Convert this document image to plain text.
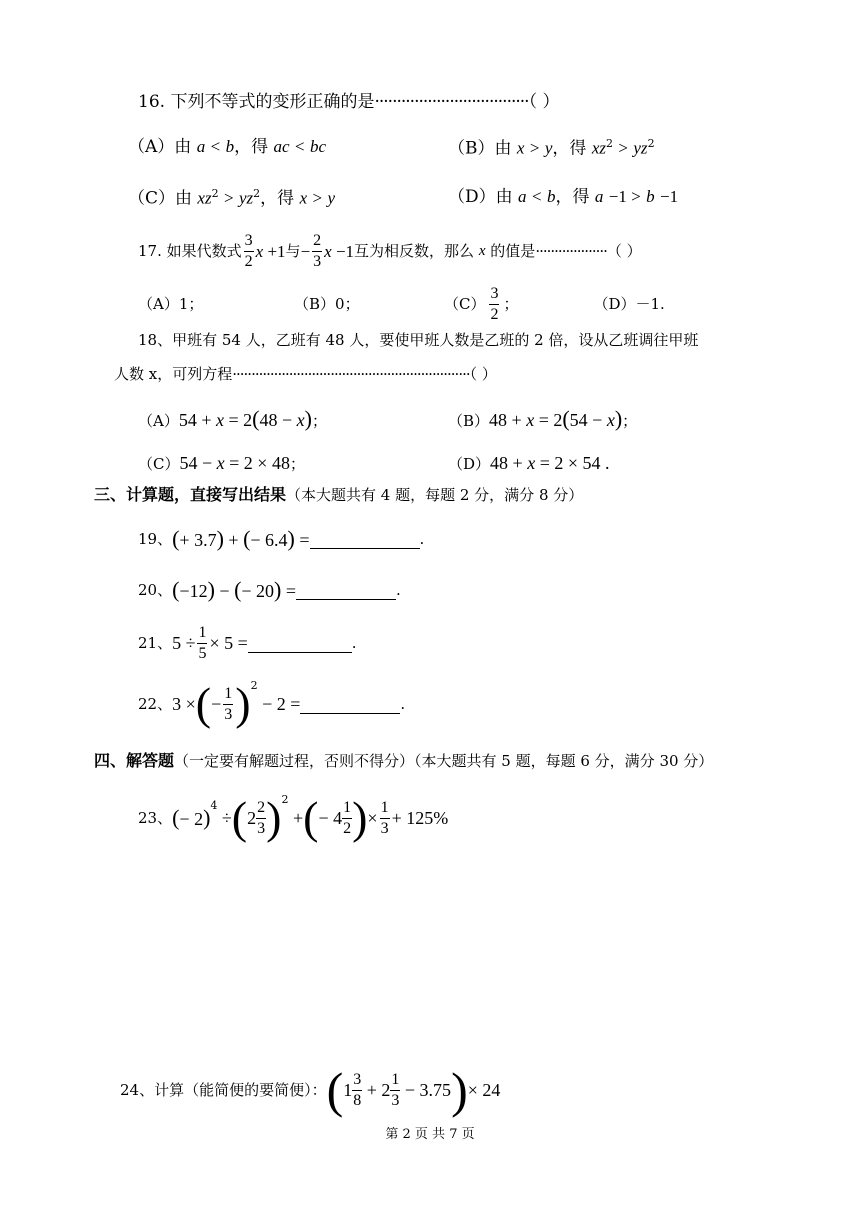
16. 下列不等式的变形正确的是···································（ ）
（A）由 a < b，得 ac < bc	（B）由 x > y，得 $xz^2 > yz^2$
（C）由 $xz^2 > yz^2$，得 x > y	（D）由 a < b，得 a −1 > b −1
17.
如果代数式 $\frac{3}{2}$ x +1 与 − $\frac{2}{3}$ x −1 互为相反数，那么
x
的值是 ··················· （ ）
（A）1；	（B）0；	$(C) \frac{3}{2}$ ；	（D）－1.
18、甲班有 54 人，乙班有 48 人，要使甲班人数是乙班的 2 倍，设从乙班调往甲班
人数 x，可列方程·······························································（ ）
（A）54 + x = 2(48 − x)；	（B）48 + x = 2(54 − x)；
（C）54 − x = 2 × 48；	（D）48 + x = 2 × 54 .
三、计算题，直接写出结果（本大题共有 4 题，每题 2 分，满分 8 分）
19、 (+ 3.7) + (− 6.4) =	.
20、 (−12) − (− 20) =	.
21、 $5 \div \frac{1}{5} \times 5$ =	.
22、 3 × ( − $\frac{1}{3} )^2$
− 2 =	.
四、解答题（一定要有解题过程，否则不得分）（本大题共有 5 题，每题 6 分，满分 30 分）
23、 (− 2)$^4$
÷ ( $2 \frac{2}{3} )^2$
+ ( − $4 \frac{1}{2}$ ) × $\frac{1}{3} + 125\%$
24、计算（能简便的要简便）： ( $1 \frac{3}{8} + 2 \frac{1}{3} - 3.75$ ) × 24
第 2 页 共 7 页
